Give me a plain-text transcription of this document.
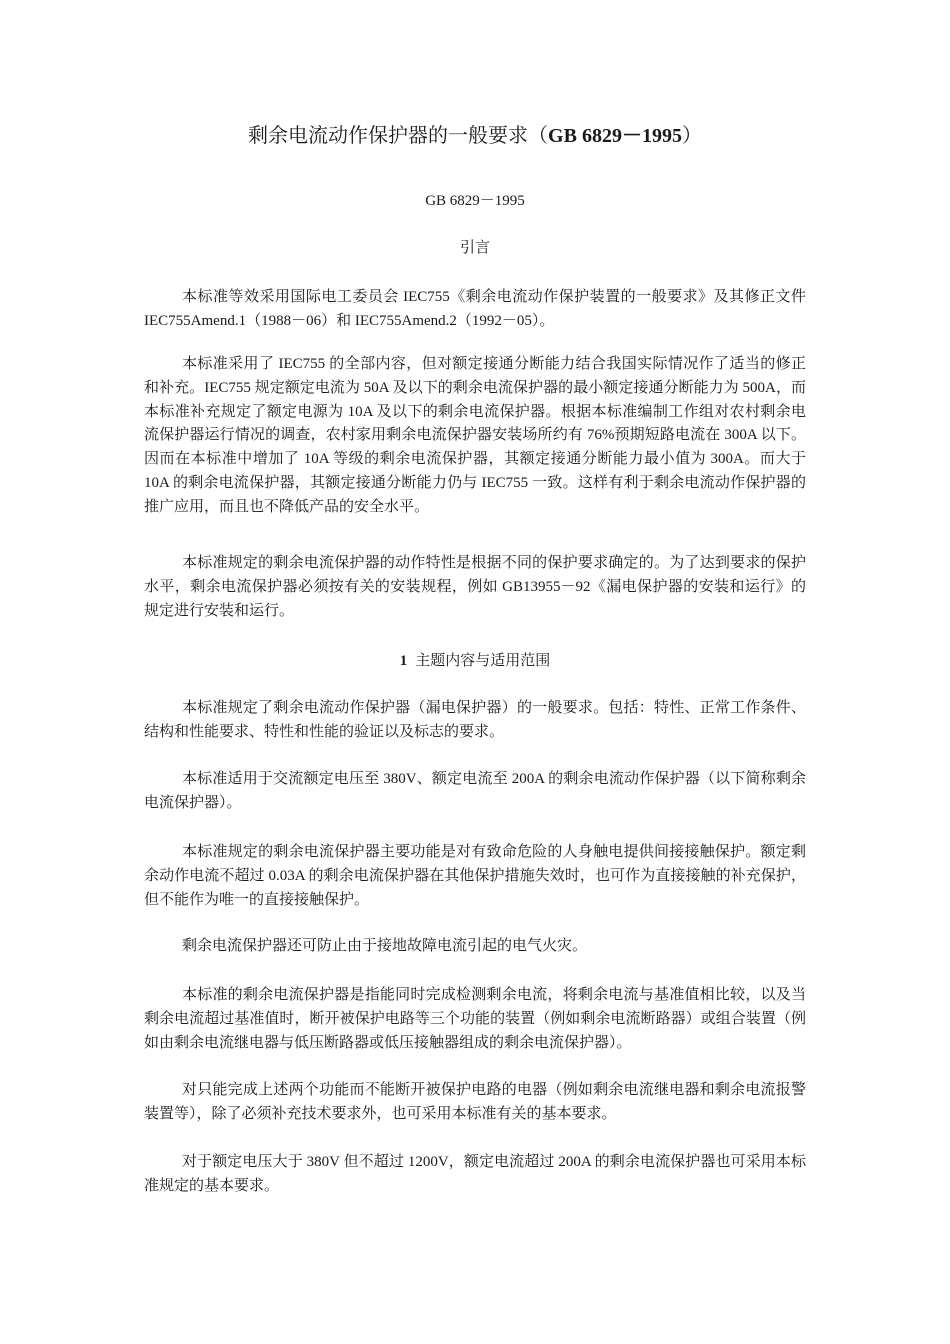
剩余电流动作保护器的一般要求（GB 6829－1995）
GB 6829－1995
引言

本标准等效采用国际电工委员会 IEC755《剩余电流动作保护装置的一般要求》及其修正文件 IEC755Amend.1（1988－06）和 IEC755Amend.2（1992－05）。

本标准采用了 IEC755 的全部内容，但对额定接通分断能力结合我国实际情况作了适当的修正和补充。IEC755 规定额定电流为 50A 及以下的剩余电流保护器的最小额定接通分断能力为 500A，而本标准补充规定了额定电源为 10A 及以下的剩余电流保护器。根据本标准编制工作组对农村剩余电流保护器运行情况的调查，农村家用剩余电流保护器安装场所约有 76%预期短路电流在 300A 以下。因而在本标准中增加了 10A 等级的剩余电流保护器，其额定接通分断能力最小值为 300A。而大于 10A 的剩余电流保护器，其额定接通分断能力仍与 IEC755 一致。这样有利于剩余电流动作保护器的推广应用，而且也不降低产品的安全水平。

本标准规定的剩余电流保护器的动作特性是根据不同的保护要求确定的。为了达到要求的保护水平，剩余电流保护器必须按有关的安装规程，例如 GB13955－92《漏电保护器的安装和运行》的规定进行安装和运行。

1 主题内容与适用范围

本标准规定了剩余电流动作保护器（漏电保护器）的一般要求。包括：特性、正常工作条件、结构和性能要求、特性和性能的验证以及标志的要求。

本标准适用于交流额定电压至 380V、额定电流至 200A 的剩余电流动作保护器（以下简称剩余电流保护器）。

本标准规定的剩余电流保护器主要功能是对有致命危险的人身触电提供间接接触保护。额定剩余动作电流不超过 0.03A 的剩余电流保护器在其他保护措施失效时，也可作为直接接触的补充保护，但不能作为唯一的直接接触保护。

剩余电流保护器还可防止由于接地故障电流引起的电气火灾。

本标准的剩余电流保护器是指能同时完成检测剩余电流，将剩余电流与基准值相比较，以及当剩余电流超过基准值时，断开被保护电路等三个功能的装置（例如剩余电流断路器）或组合装置（例如由剩余电流继电器与低压断路器或低压接触器组成的剩余电流保护器）。

对只能完成上述两个功能而不能断开被保护电路的电器（例如剩余电流继电器和剩余电流报警装置等），除了必须补充技术要求外，也可采用本标准有关的基本要求。

对于额定电压大于 380V 但不超过 1200V，额定电流超过 200A 的剩余电流保护器也可采用本标准规定的基本要求。
